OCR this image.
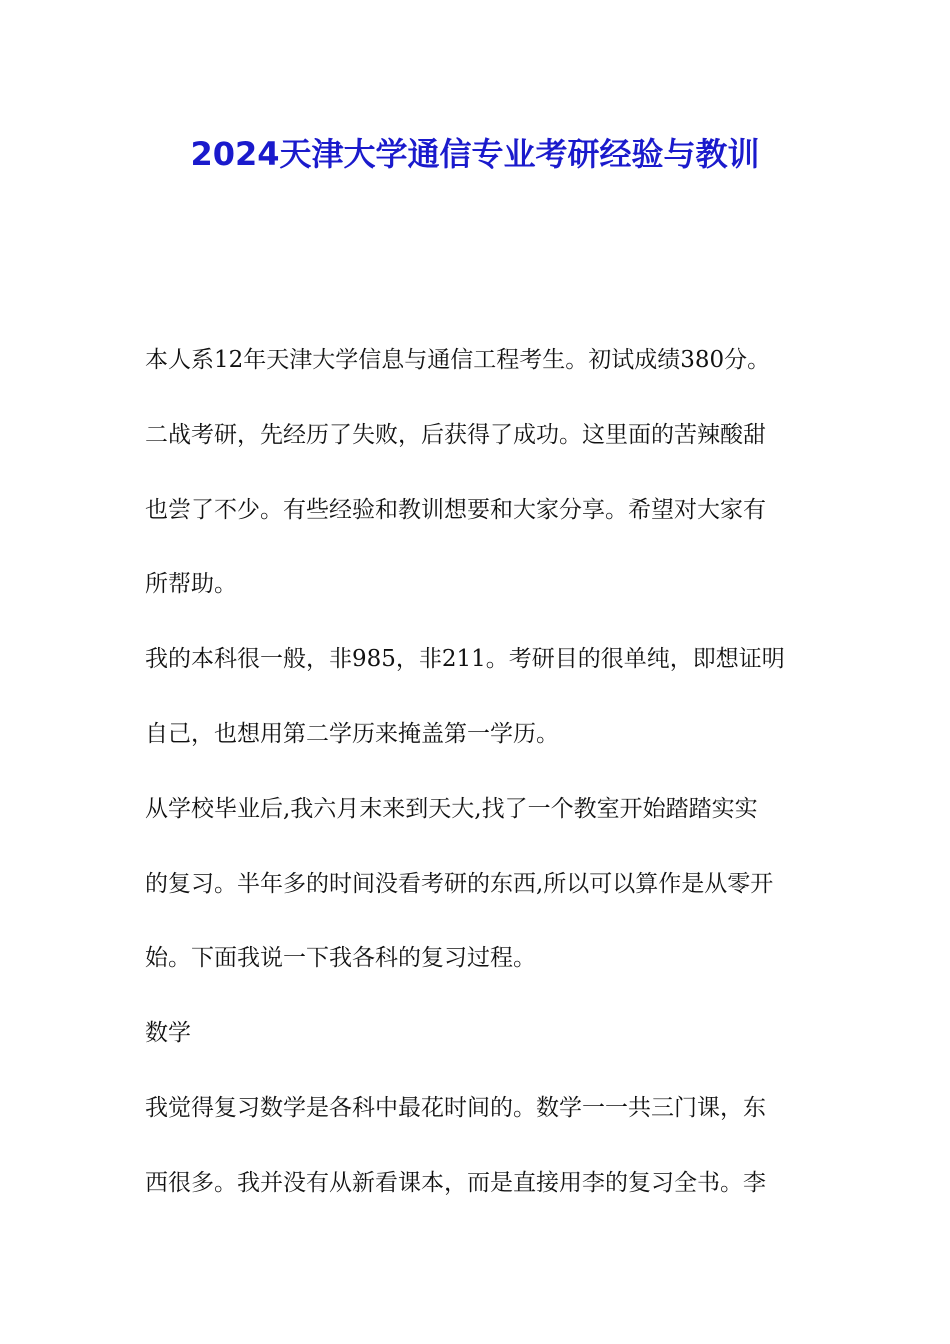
2024天津大学通信专业考研经验与教训
本人系12年天津大学信息与通信工程考生。初试成绩380分。
二战考研，先经历了失败，后获得了成功。这里面的苦辣酸甜
也尝了不少。有些经验和教训想要和大家分享。希望对大家有
所帮助。
我的本科很一般，非985，非211。考研目的很单纯，即想证明
自己，也想用第二学历来掩盖第一学历。
从学校毕业后,我六月末来到天大,找了一个教室开始踏踏实实
的复习。半年多的时间没看考研的东西,所以可以算作是从零开
始。下面我说一下我各科的复习过程。
数学
我觉得复习数学是各科中最花时间的。数学一一共三门课，东
西很多。我并没有从新看课本，而是直接用李的复习全书。李
